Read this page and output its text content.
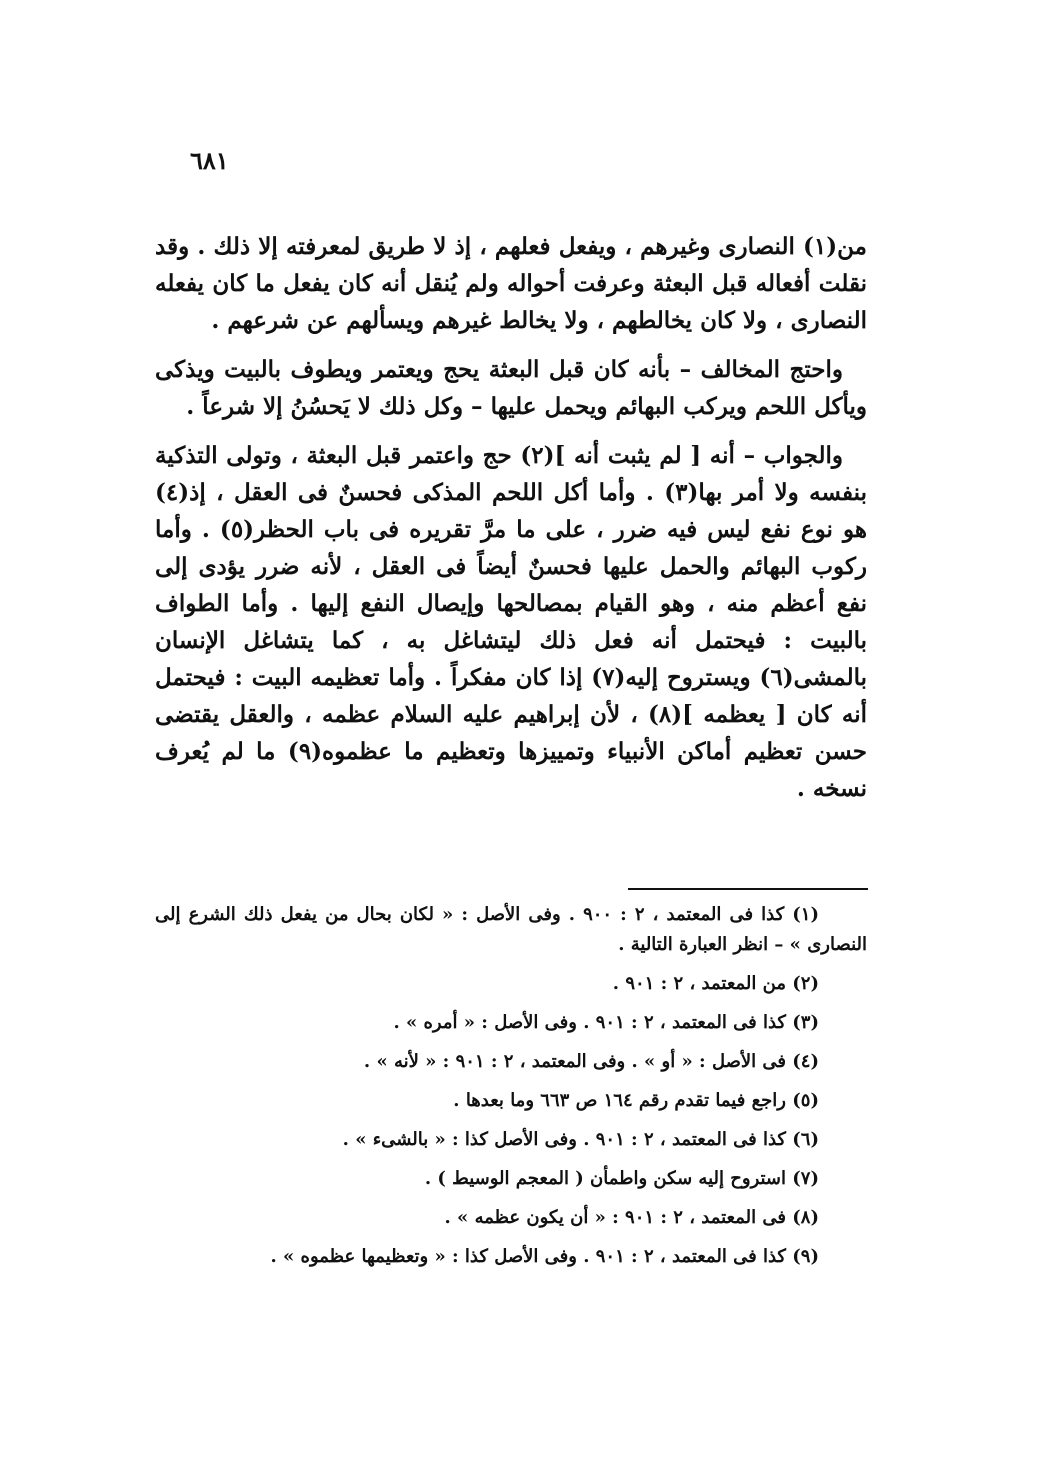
٦٨١

من(١) النصارى وغيرهم ، ويفعل فعلهم ، إذ لا طريق لمعرفته إلا ذلك . وقد نقلت أفعاله قبل البعثة وعرفت أحواله ولم يُنقل أنه كان يفعل ما كان يفعله النصارى ، ولا كان يخالطهم ، ولا يخالط غيرهم ويسألهم عن شرعهم .

واحتج المخالف – بأنه كان قبل البعثة يحج ويعتمر ويطوف بالبيت ويذكى ويأكل اللحم ويركب البهائم ويحمل عليها – وكل ذلك لا يَحسُنُ إلا شرعاً .

والجواب – أنه [ لم يثبت أنه ](٢) حج واعتمر قبل البعثة ، وتولى التذكية بنفسه ولا أمر بها(٣) . وأما أكل اللحم المذكى فحسنٌ فى العقل ، إذ(٤) هو نوع نفع ليس فيه ضرر ، على ما مرَّ تقريره فى باب الحظر(٥) . وأما ركوب البهائم والحمل عليها فحسنٌ أيضاً فى العقل ، لأنه ضرر يؤدى إلى نفع أعظم منه ، وهو القيام بمصالحها وإيصال النفع إليها . وأما الطواف بالبيت : فيحتمل أنه فعل ذلك ليتشاغل به ، كما يتشاغل الإنسان بالمشى(٦) ويستروح إليه(٧) إذا كان مفكراً . وأما تعظيمه البيت : فيحتمل أنه كان [ يعظمه ](٨) ، لأن إبراهيم عليه السلام عظمه ، والعقل يقتضى حسن تعظيم أماكن الأنبياء وتمييزها وتعظيم ما عظموه(٩) ما لم يُعرف نسخه .

(١) كذا فى المعتمد ، ٢ : ٩٠٠ . وفى الأصل : « لكان بحال من يفعل ذلك الشرع إلى النصارى » – انظر العبارة التالية .

(٢) من المعتمد ، ٢ : ٩٠١ .

(٣) كذا فى المعتمد ، ٢ : ٩٠١ . وفى الأصل : « أمره » .

(٤) فى الأصل : « أو » . وفى المعتمد ، ٢ : ٩٠١ : « لأنه » .

(٥) راجع فيما تقدم رقم ١٦٤ ص ٦٦٣ وما بعدها .

(٦) كذا فى المعتمد ، ٢ : ٩٠١ . وفى الأصل كذا : « بالشىء » .

(٧) استروح إليه سكن واطمأن ( المعجم الوسيط ) .

(٨) فى المعتمد ، ٢ : ٩٠١ : « أن يكون عظمه » .

(٩) كذا فى المعتمد ، ٢ : ٩٠١ . وفى الأصل كذا : « وتعظيمها عظموه » .
